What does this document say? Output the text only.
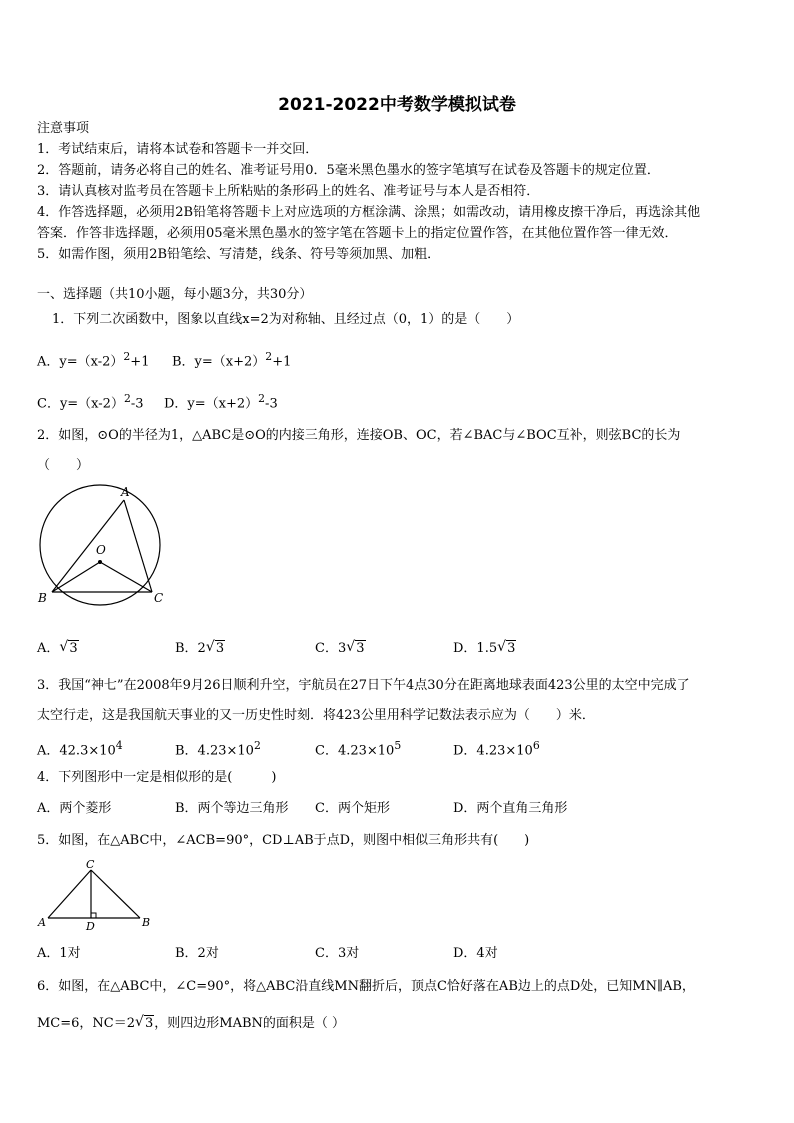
2021-2022中考数学模拟试卷
注意事项
1．考试结束后，请将本试卷和答题卡一并交回．
2．答题前，请务必将自己的姓名、准考证号用0．5毫米黑色墨水的签字笔填写在试卷及答题卡的规定位置．
3．请认真核对监考员在答题卡上所粘贴的条形码上的姓名、准考证号与本人是否相符．
4．作答选择题，必须用2B铅笔将答题卡上对应选项的方框涂满、涂黑；如需改动，请用橡皮擦干净后，再选涂其他
答案．作答非选择题，必须用05毫米黑色墨水的签字笔在答题卡上的指定位置作答，在其他位置作答一律无效．
5．如需作图，须用2B铅笔绘、写清楚，线条、符号等须加黑、加粗．
一、选择题（共10小题，每小题3分，共30分）
1．下列二次函数中，图象以直线x=2为对称轴、且经过点（0，1）的是（　　）
A．$y=(x-2)^2+1$ B．$y=(x+2)^2+1$
C．$y=(x-2)^2-3$ D．$y=(x+2)^2-3$
2．如图，⊙O的半径为1，△ABC是⊙O的内接三角形，连接OB、OC，若∠BAC与∠BOC互补，则弦BC的长为
（　　）
A
O
B	C
A． √ 3	B．2 √ 3	C．3 √ 3	D．1.5 √ 3
3．我国“神七”在2008年9月26日顺利升空，宇航员在27日下午4点30分在距离地球表面423公里的太空中完成了
太空行走，这是我国航天事业的又一历史性时刻．将423公里用科学记数法表示应为（　　）米．
A．$42.3\times 10^4$	B．$4.23\times 10^2$	C．$4.23\times 10^5$	D．$4.23\times 10^6$
4．下列图形中一定是相似形的是(　　　)
A．两个菱形	B．两个等边三角形 C．两个矩形	D．两个直角三角形
5．如图，在△ABC中，∠ACB=90°，CD⊥AB于点D，则图中相似三角形共有(　　)
C
A	D	B
A．1对	B．2对	C．3对	D．4对
6．如图，在△ABC中，∠C=90°，将△ABC沿直线MN翻折后，顶点C恰好落在AB边上的点D处，已知MN∥AB，
MC=6，NC＝2 √ 3，则四边形MABN的面积是（ ）
